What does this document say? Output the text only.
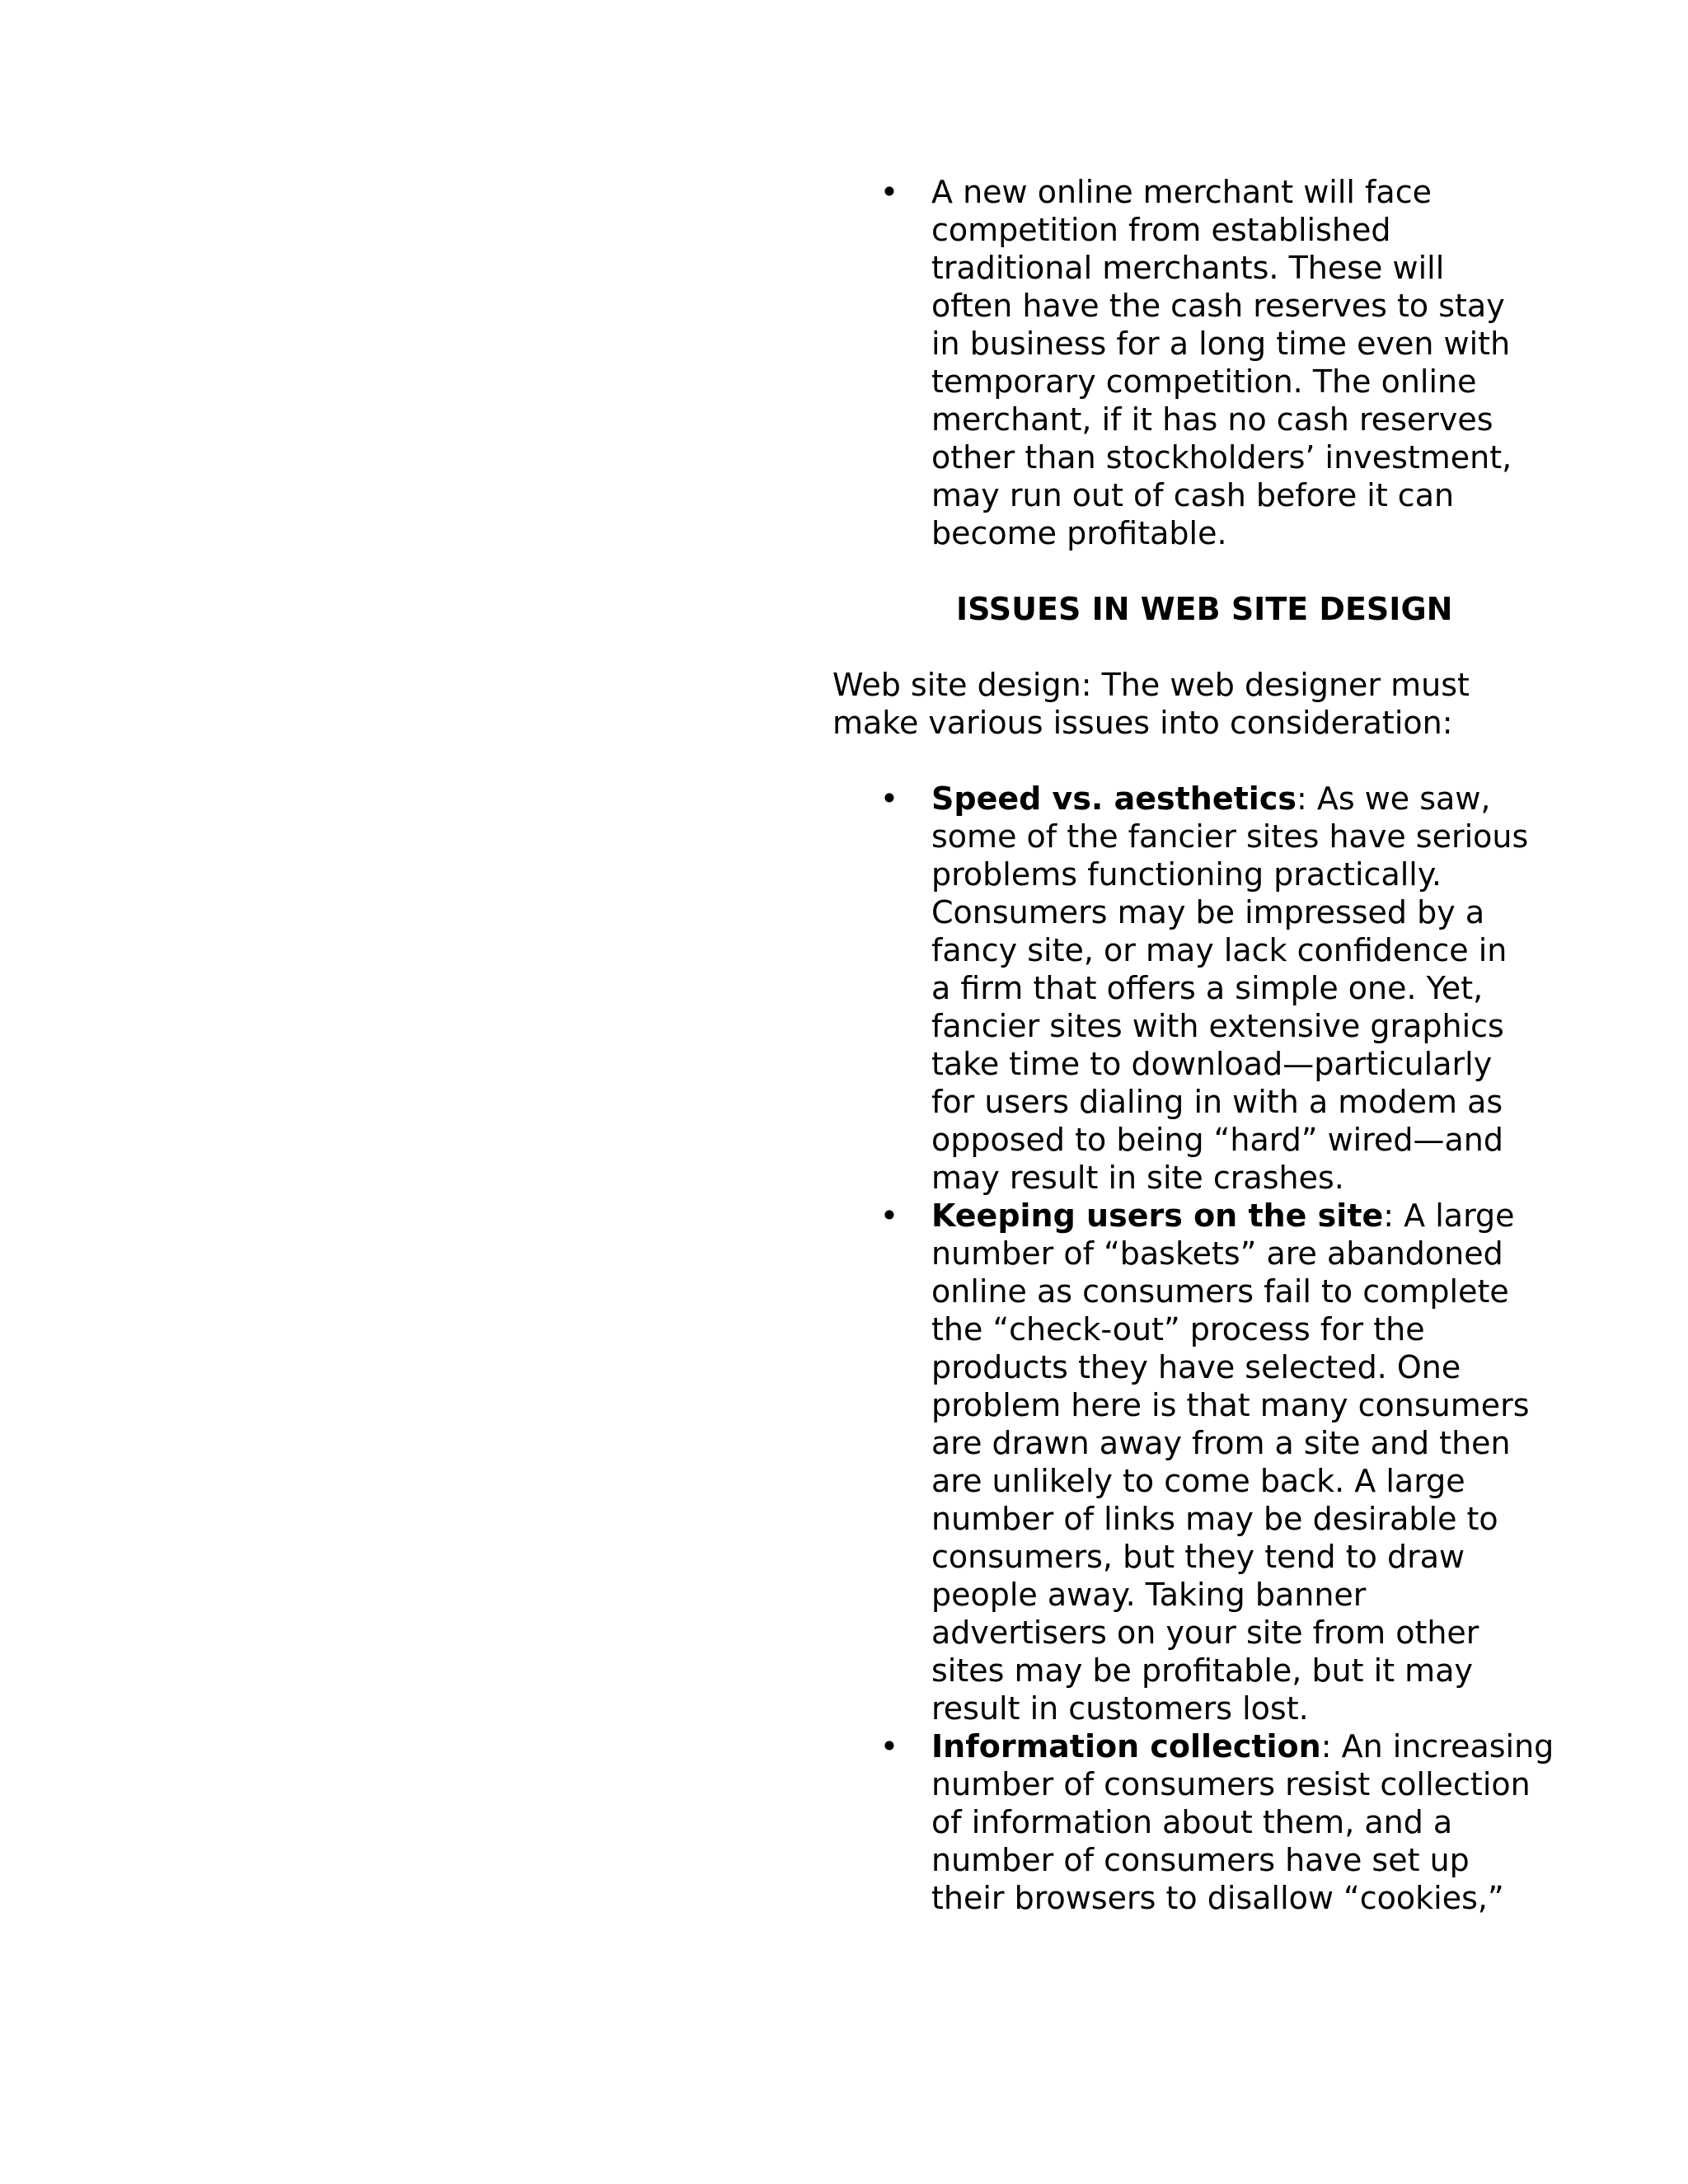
• A new online merchant will face
competition from established
traditional merchants. These will
often have the cash reserves to stay
in business for a long time even with
temporary competition. The online
merchant, if it has no cash reserves
other than stockholders’ investment,
may run out of cash before it can
become profitable.
ISSUES IN WEB SITE DESIGN
Web site design: The web designer must
make various issues into consideration:
• Speed vs. aesthetics: As we saw,
some of the fancier sites have serious
problems functioning practically.
Consumers may be impressed by a
fancy site, or may lack confidence in
a firm that offers a simple one. Yet,
fancier sites with extensive graphics
take time to download—particularly
for users dialing in with a modem as
opposed to being “hard” wired—and
may result in site crashes.
• Keeping users on the site: A large
number of “baskets” are abandoned
online as consumers fail to complete
the “check-out” process for the
products they have selected. One
problem here is that many consumers
are drawn away from a site and then
are unlikely to come back. A large
number of links may be desirable to
consumers, but they tend to draw
people away. Taking banner
advertisers on your site from other
sites may be profitable, but it may
result in customers lost.
• Information collection: An increasing
number of consumers resist collection
of information about them, and a
number of consumers have set up
their browsers to disallow “cookies,”
